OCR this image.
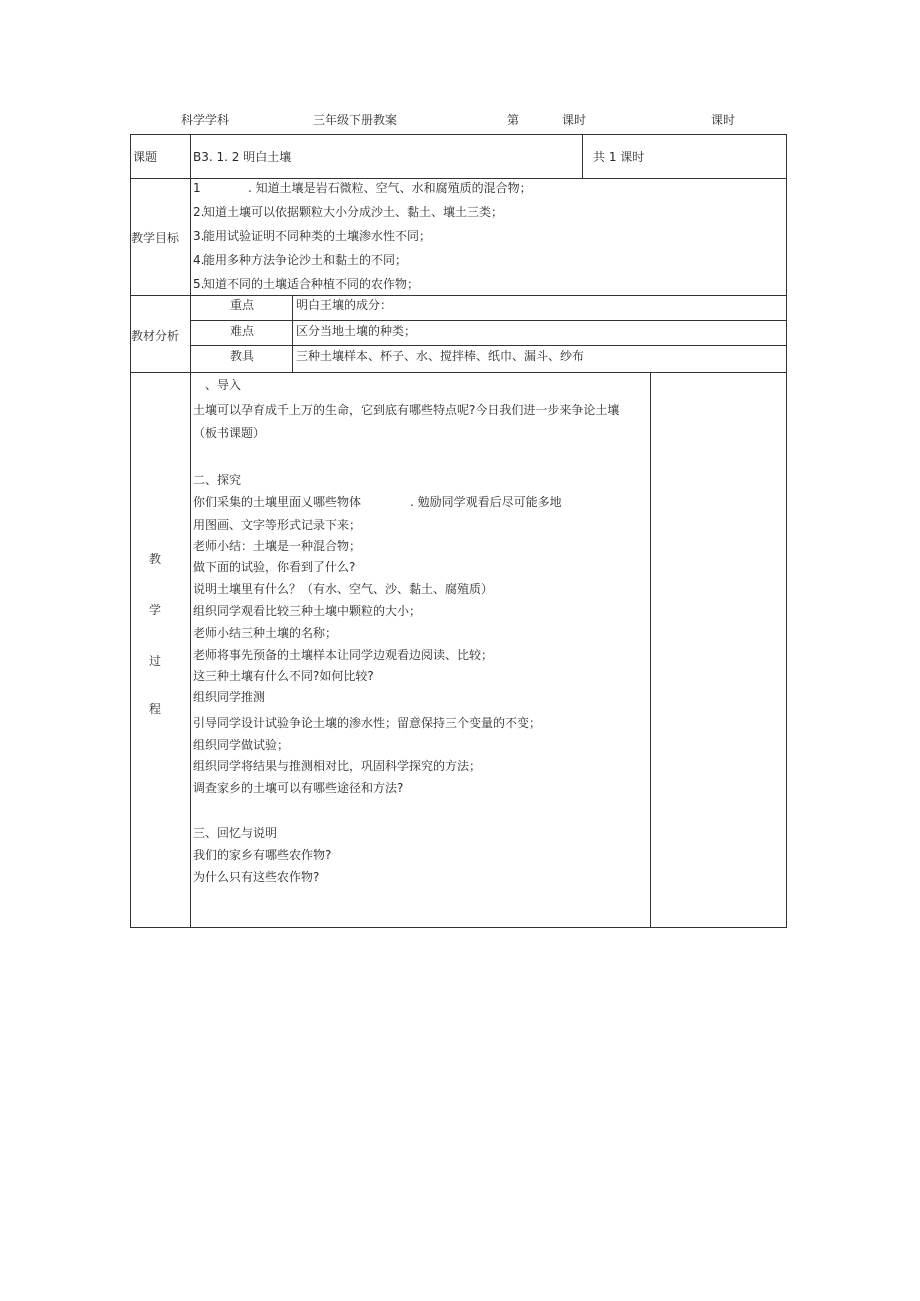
科学学科	三年级下册教案	第	课时	课时
课题	B3. 1. 2 明白土壤	共 1 课时
教学目标
1	. 知道土壤是岩石微粒、空气、水和腐殖质的混合物；
2.
知道土壤可以依据颗粒大小分成沙土、黏土、壤土三类；
3.
能用试验证明不同种类的土壤渗水性不同；
4.
能用多种方法争论沙土和黏土的不同；
5.
知道不同的土壤适合种植不同的农作物；
教材分析
重点	明白王壤的成分：
难点	区分当地土壤的种类；
教具	三种土壤样本、杯子、水、搅拌棒、纸巾、漏斗、纱布
教
学
过
程
、导入
土壤可以孕育成千上万的生命，它到底有哪些特点呢?今日我们进一步来争论土壤
（板书课题）
二、探究
你们采集的土壤里面乂哪些物体	. 勉励同学观看后尽可能多地
用图画、文字等形式记录下来；
老师小结：土壤是一种混合物；
做下面的试验，你看到了什么?
说明土壤里有什么？（有水、空气、沙、黏土、腐殖质）
组织同学观看比较三种土壤中颗粒的大小；
老师小结三种土壤的名称；
老师将事先预备的土壤样本让同学边观看边阅读、比较；
这三种土壤有什么不同?如何比较?
组织同学推测
引导同学设计试验争论土壤的渗水性；留意保持三个变量的不变；
组织同学做试验；
组织同学将结果与推测相对比，巩固科学探究的方法；
调查家乡的土壤可以有哪些途径和方法?
三、回忆与说明
我们的家乡有哪些农作物?
为什么只有这些农作物?
